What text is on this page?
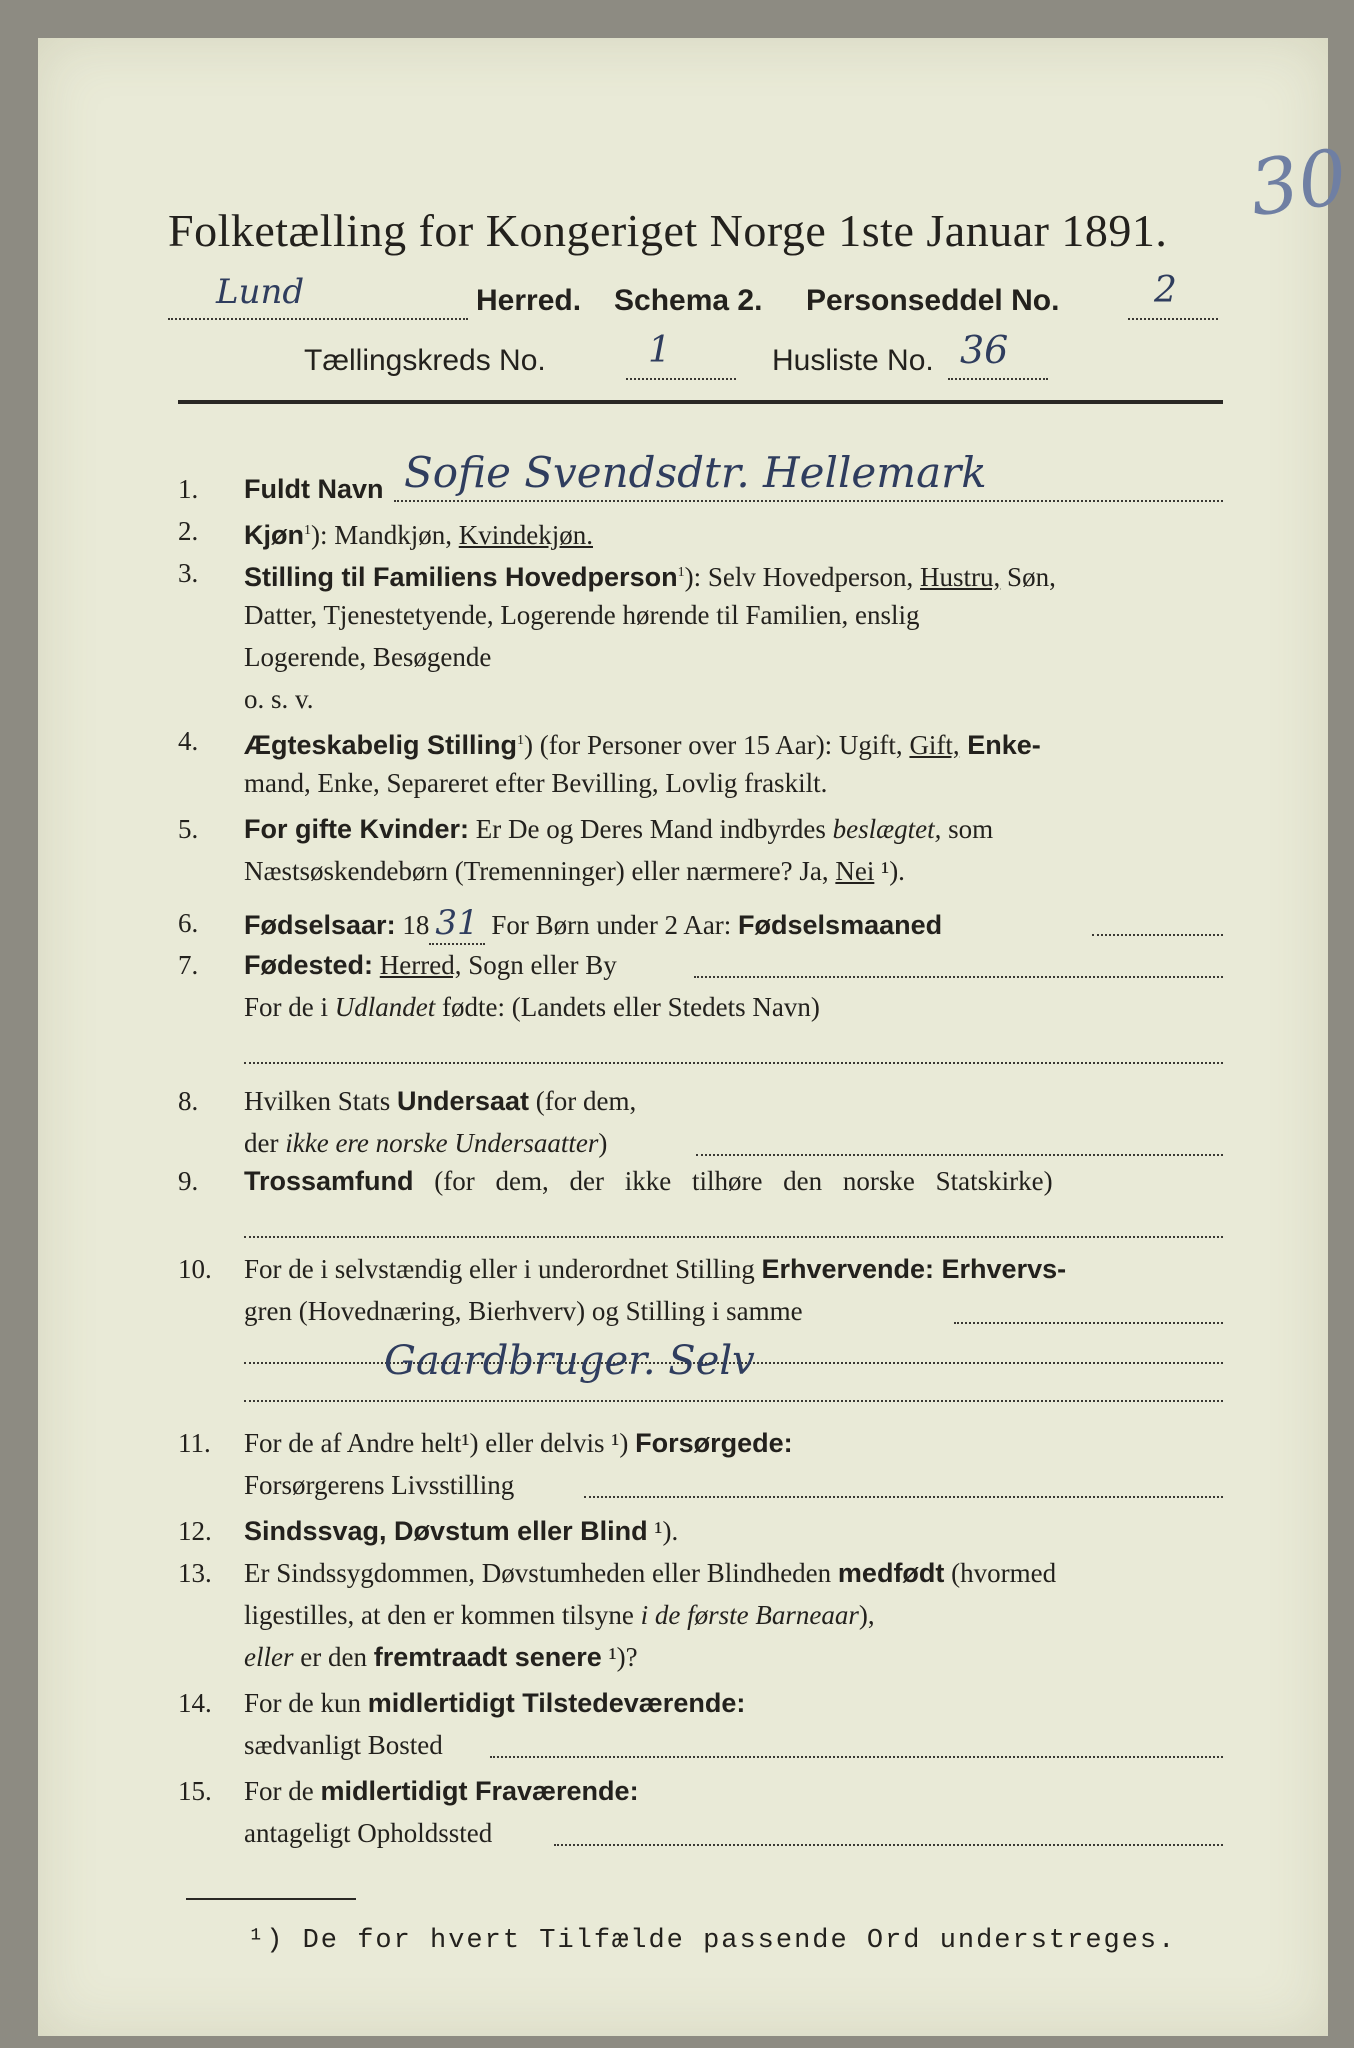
30
Folketælling for Kongeriget Norge 1ste Januar 1891.
Lund	Herred. Schema 2. Personseddel No.	2
Tællingskreds No.	1	Husliste No. 36
1.	Fuldt Navn Sofie Svendsdtr. Hellemark
2.	Kjøn$^1$): Mandkjøn, Kvindekjøn.
3.	Stilling til Familiens Hovedperson$^1$): Selv Hovedperson, Hustru, Søn,
Datter, Tjenestetyende, Logerende hørende til Familien, enslig
Logerende, Besøgende
o. s. v.
4.	Ægteskabelig Stilling$^1$) (for Personer over 15 Aar): Ugift, Gift, Enke-
mand, Enke, Separeret efter Bevilling, Lovlig fraskilt.
5.	For gifte Kvinder: Er De og Deres Mand indbyrdes beslægtet, som
Næstsøskendebørn (Tremenninger) eller nærmere? Ja, Nei ¹).
6.	Fødselsaar: 18 31 For Børn under 2 Aar: Fødselsmaaned
7.	Fødested: Herred, Sogn eller By
For de i Udlandet fødte: (Landets eller Stedets Navn)
8.	Hvilken Stats Undersaat (for dem,
der ikke ere norske Undersaatter)
9.	Trossamfund (for dem, der ikke tilhøre den norske Statskirke)
10. For de i selvstændig eller i underordnet Stilling Erhvervende: Erhvervs-
gren (Hovednæring, Bierhverv) og Stilling i samme
Gaardbruger. Selv
11. For de af Andre helt¹) eller delvis ¹) Forsørgede:
Forsørgerens Livsstilling
12. Sindssvag, Døvstum eller Blind ¹).
13. Er Sindssygdommen, Døvstumheden eller Blindheden medfødt (hvormed
ligestilles, at den er kommen tilsyne i de første Barneaar),
eller er den fremtraadt senere ¹)?
14. For de kun midlertidigt Tilstedeværende:
sædvanligt Bosted
15. For de midlertidigt Fraværende:
antageligt Opholdssted
¹) De for hvert Tilfælde passende Ord understreges.
